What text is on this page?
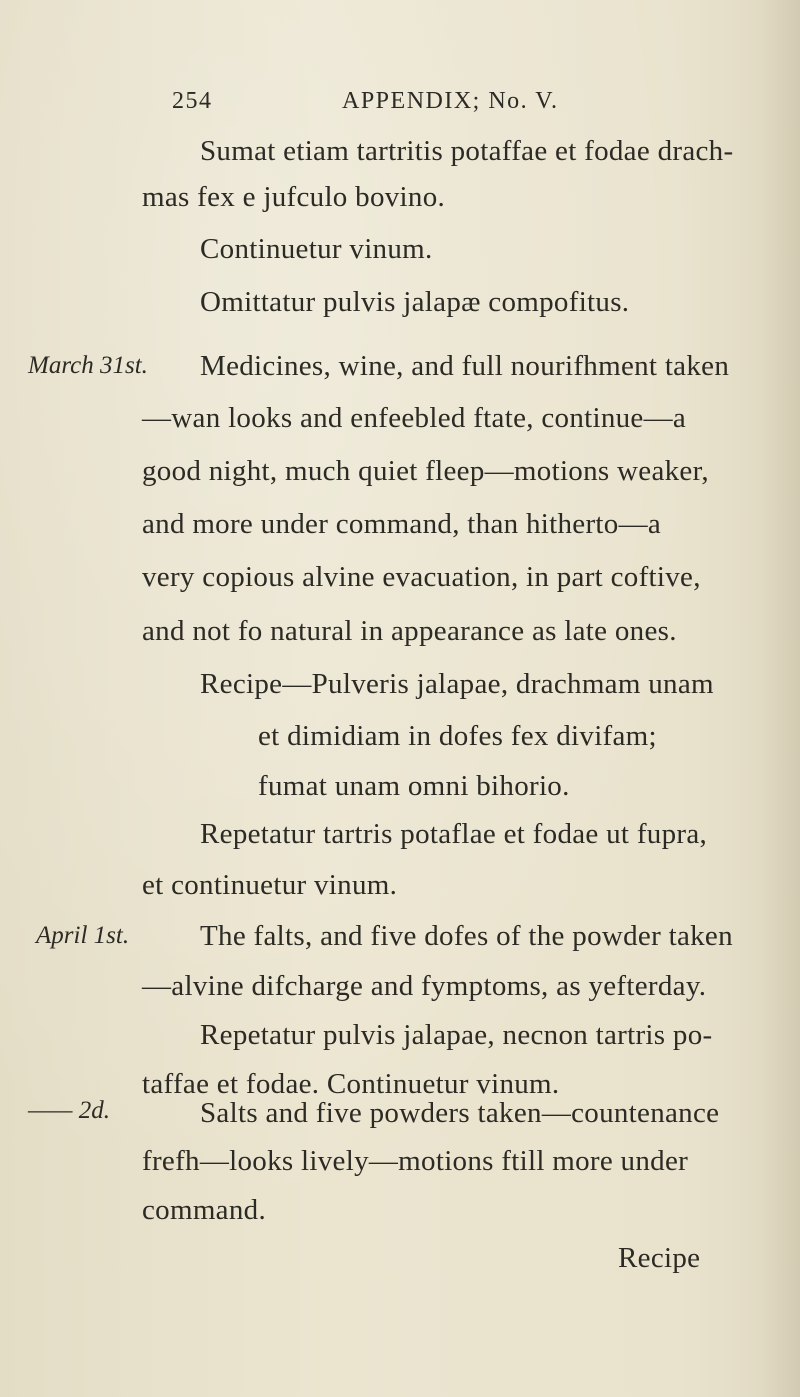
254	APPENDIX; No. V.
March 31st.
April 1st.
—— 2d.
Sumat etiam tartritis potaffae et fodae drach-
mas fex e jufculo bovino.
Continuetur vinum.
Omittatur pulvis jalapæ compofitus.
Medicines, wine, and full nourifhment taken
—wan looks and enfeebled ftate, continue—a
good night, much quiet fleep—motions weaker,
and more under command, than hitherto—a
very copious alvine evacuation, in part coftive,
and not fo natural in appearance as late ones.
Recipe—Pulveris jalapae, drachmam unam
et dimidiam in dofes fex divifam;
fumat unam omni bihorio.
Repetatur tartris potaflae et fodae ut fupra,
et continuetur vinum.
The falts, and five dofes of the powder taken
—alvine difcharge and fymptoms, as yefterday.
Repetatur pulvis jalapae, necnon tartris po-
taffae et fodae. Continuetur vinum.
Salts and five powders taken—countenance
frefh—looks lively—motions ftill more under
command.
Recipe
